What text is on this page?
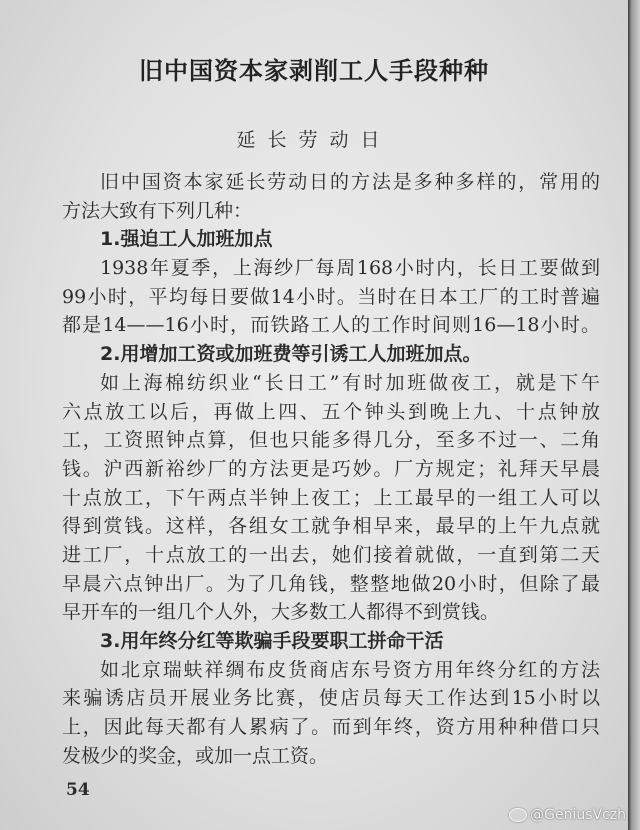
旧中国资本家剥削工人手段种种
延长劳动日
旧中国资本家延长劳动日的方法是多种多样的，常用的
方法大致有下列几种：
1.强迫工人加班加点
1938年夏季，上海纱厂每周168小时内，长日工要做到
99小时，平均每日要做14小时。当时在日本工厂的工时普遍
都是14——16小时，而铁路工人的工作时间则16—18小时。
2.用增加工资或加班费等引诱工人加班加点。
如上海棉纺织业“长日工”有时加班做夜工，就是下午
六点放工以后，再做上四、五个钟头到晚上九、十点钟放
工，工资照钟点算，但也只能多得几分，至多不过一、二角
钱。沪西新裕纱厂的方法更是巧妙。厂方规定；礼拜天早晨
十点放工，下午两点半钟上夜工；上工最早的一组工人可以
得到赏钱。这样，各组女工就争相早来，最早的上午九点就
进工厂，十点放工的一出去，她们接着就做，一直到第二天
早晨六点钟出厂。为了几角钱，整整地做20小时，但除了最
早开车的一组几个人外，大多数工人都得不到赏钱。
3.用年终分红等欺骗手段要职工拼命干活
如北京瑞蚨祥绸布皮货商店东号资方用年终分红的方法
来骗诱店员开展业务比赛，使店员每天工作达到15小时以
上，因此每天都有人累病了。而到年终，资方用种种借口只
发极少的奖金，或加一点工资。
54
@GeniusVczh
